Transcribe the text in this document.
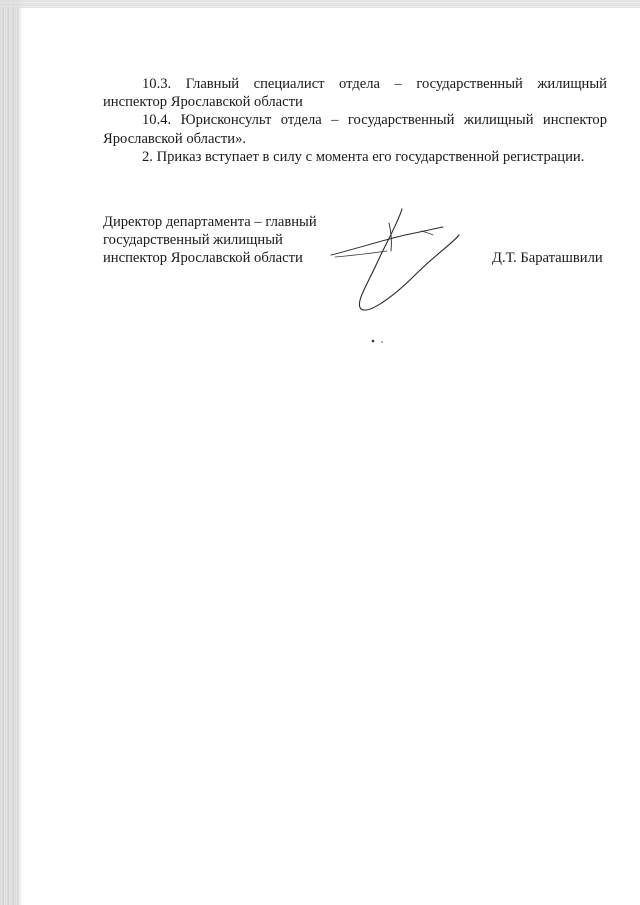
10.3. Главный специалист отдела – государственный жилищный инспектор Ярославской области

10.4. Юрисконсульт отдела – государственный жилищный инспектор Ярославской области».

2. Приказ вступает в силу с момента его государственной регистрации.

Директор департамента – главный
государственный жилищный
инспектор Ярославской области	Д.Т. Бараташвили
